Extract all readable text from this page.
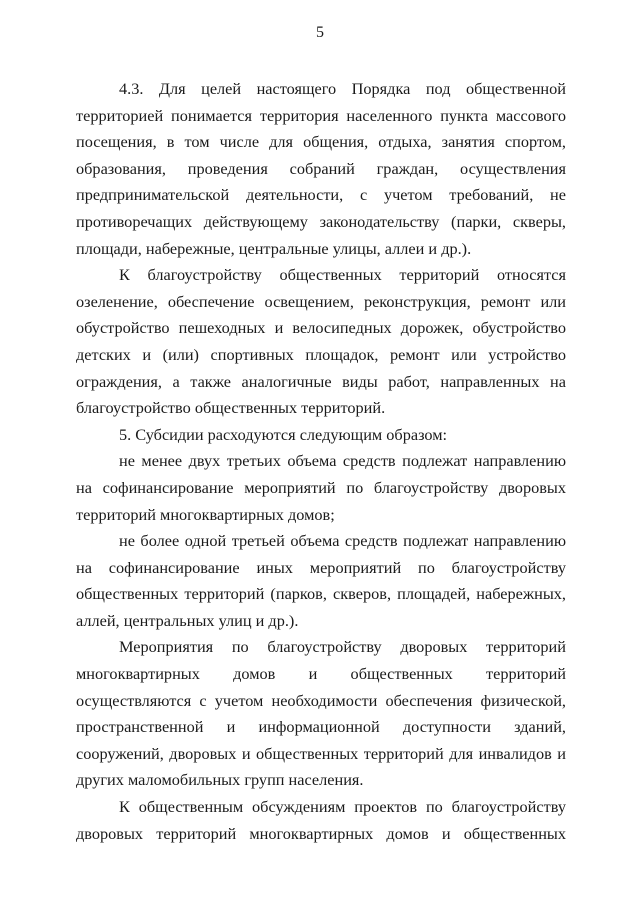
5

4.3. Для целей настоящего Порядка под общественной территорией понимается территория населенного пункта массового посещения, в том числе для общения, отдыха, занятия спортом, образования, проведения собраний граждан, осуществления предпринимательской деятельности, с учетом требований, не противоречащих действующему законодательству (парки, скверы, площади, набережные, центральные улицы, аллеи и др.).

К благоустройству общественных территорий относятся озеленение, обеспечение освещением, реконструкция, ремонт или обустройство пешеходных и велосипедных дорожек, обустройство детских и (или) спортивных площадок, ремонт или устройство ограждения, а также аналогичные виды работ, направленных на благоустройство общественных территорий.

5. Субсидии расходуются следующим образом:

не менее двух третьих объема средств подлежат направлению на софинансирование мероприятий по благоустройству дворовых территорий многоквартирных домов;

не более одной третьей объема средств подлежат направлению на софинансирование иных мероприятий по благоустройству общественных территорий (парков, скверов, площадей, набережных, аллей, центральных улиц и др.).

Мероприятия по благоустройству дворовых территорий многоквартирных домов и общественных территорий осуществляются с учетом необходимости обеспечения физической, пространственной и информационной доступности зданий, сооружений, дворовых и общественных территорий для инвалидов и других маломобильных групп населения.

К общественным обсуждениям проектов по благоустройству дворовых территорий многоквартирных домов и общественных
